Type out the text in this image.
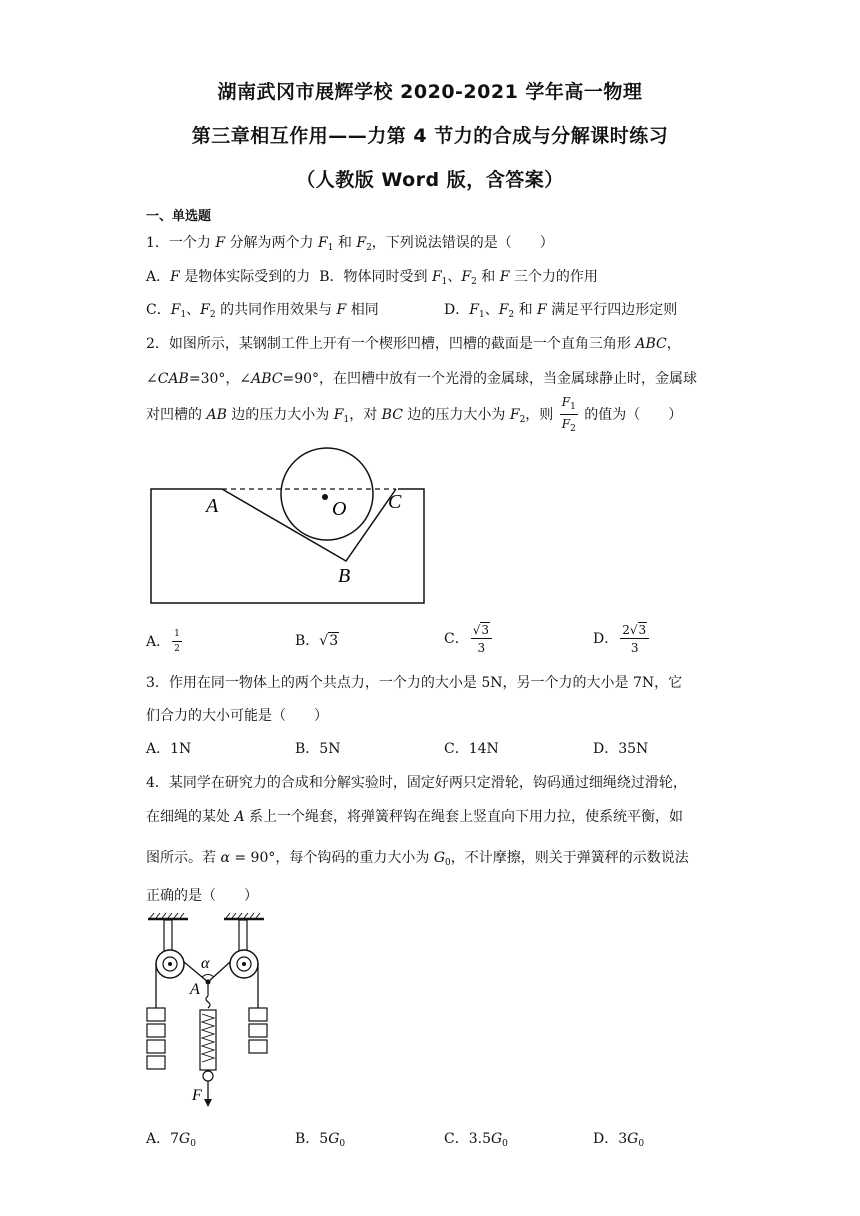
湖南武冈市展辉学校 2020-2021 学年高一物理
第三章相互作用——力第 4 节力的合成与分解课时练习
（人教版 Word 版，含答案）
一、单选题
1．一个力 F 分解为两个力 $F_1$ 和 $F_2$，下列说法错误的是（　　）
A．F 是物体实际受到的力 B．物体同时受到 $F_1$、$F_2$ 和 F 三个力的作用
C．$F_1$、$F_2$ 的共同作用效果与 F 相同	D．$F_1$、$F_2$ 和 F 满足平行四边形定则
2．如图所示，某钢制工件上开有一个楔形凹槽，凹槽的截面是一个直角三角形 ABC，
∠CAB=30°，∠ABC=90°，在凹槽中放有一个光滑的金属球，当金属球静止时，金属球
对凹槽的 AB 边的压力大小为 $F_1$，对 BC 边的压力大小为 $F_2$，则 $\frac{F_1}{F_2}$ 的值为（　　）
A	O C
B
A． $\frac{1}{2}$	B．√3	C． $\frac{√3}{3}$	D． $\frac{2√3}{3}$
3．作用在同一物体上的两个共点力，一个力的大小是 5N，另一个力的大小是 7N，它
们合力的大小可能是（　　）
A．1N	B．5N	C．14N	D．35N
4．某同学在研究力的合成和分解实验时，固定好两只定滑轮，钩码通过细绳绕过滑轮，
在细绳的某处 A 系上一个绳套，将弹簧秤钩在绳套上竖直向下用力拉，使系统平衡，如
图所示。若 α = 90°，每个钩码的重力大小为 $G_0$，不计摩擦，则关于弹簧秤的示数说法
正确的是（　　）
α
A
F
A．$7G_0$	B．$5G_0$	C．$3.5G_0$	D．$3G_0$
